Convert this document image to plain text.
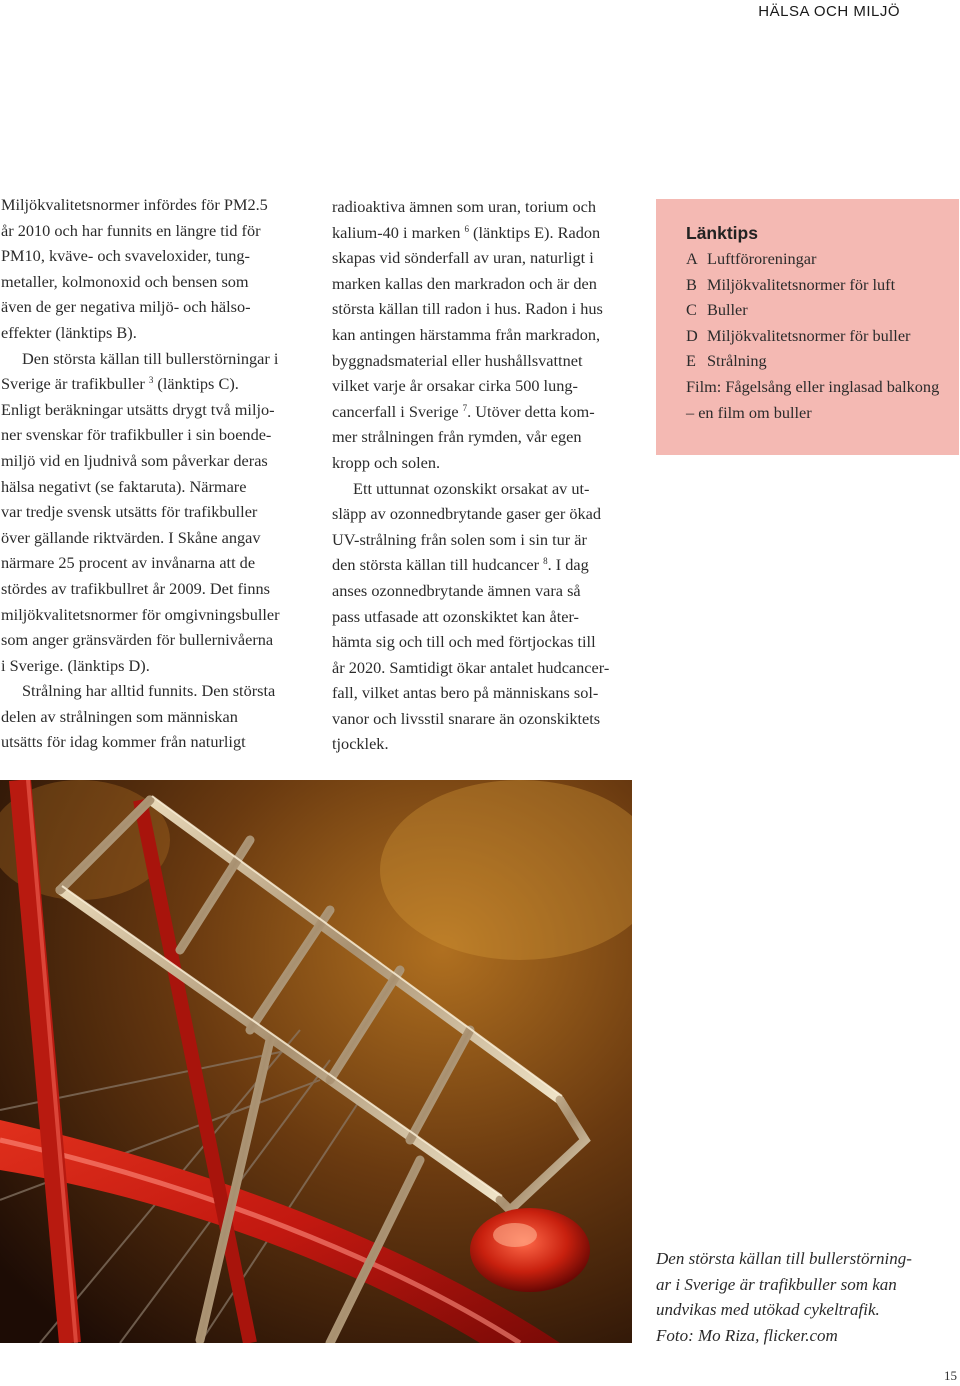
HÄLSA OCH MILJÖ

Miljökvalitetsnormer infördes för PM2.5
år 2010 och har funnits en längre tid för
PM10, kväve- och svaveloxider, tung-
metaller, kolmonoxid och bensen som
även de ger negativa miljö- och hälso-
effekter (länktips B).

Den största källan till bullerstörningar i
Sverige är trafikbuller $^3$ (länktips C).
Enligt beräkningar utsätts drygt två miljo-
ner svenskar för trafikbuller i sin boende-
miljö vid en ljudnivå som påverkar deras
hälsa negativt (se faktaruta). Närmare
var tredje svensk utsätts för trafikbuller
över gällande riktvärden. I Skåne angav
närmare 25 procent av invånarna att de
stördes av trafikbullret år 2009. Det finns
miljökvalitetsnormer för omgivningsbuller
som anger gränsvärden för bullernivåerna
i Sverige. (länktips D).

Strålning har alltid funnits. Den största
delen av strålningen som människan
utsätts för idag kommer från naturligt

radioaktiva ämnen som uran, torium och
kalium-40 i marken $^6$ (länktips E). Radon
skapas vid sönderfall av uran, naturligt i
marken kallas den markradon och är den
största källan till radon i hus. Radon i hus
kan antingen härstamma från markradon,
byggnadsmaterial eller hushållsvattnet
vilket varje år orsakar cirka 500 lung-
cancerfall i Sverige $^7$. Utöver detta kom-
mer strålningen från rymden, vår egen
kropp och solen.

Ett uttunnat ozonskikt orsakat av ut-
släpp av ozonnedbrytande gaser ger ökad
UV-strålning från solen som i sin tur är
den största källan till hudcancer $^8$. I dag
anses ozonnedbrytande ämnen vara så
pass utfasade att ozonskiktet kan åter-
hämta sig och till och med förtjockas till
år 2020. Samtidigt ökar antalet hudcancer-
fall, vilket antas bero på människans sol-
vanor och livsstil snarare än ozonskiktets
tjocklek.

Länktips
A Luftföroreningar
B Miljökvalitetsnormer för luft
C Buller
D Miljökvalitetsnormer för buller
E Strålning
Film: Fågelsång eller inglasad balkong
– en film om buller

Den största källan till bullerstörning-
ar i Sverige är trafikbuller som kan
undvikas med utökad cykeltrafik.
Foto: Mo Riza, flicker.com

15
